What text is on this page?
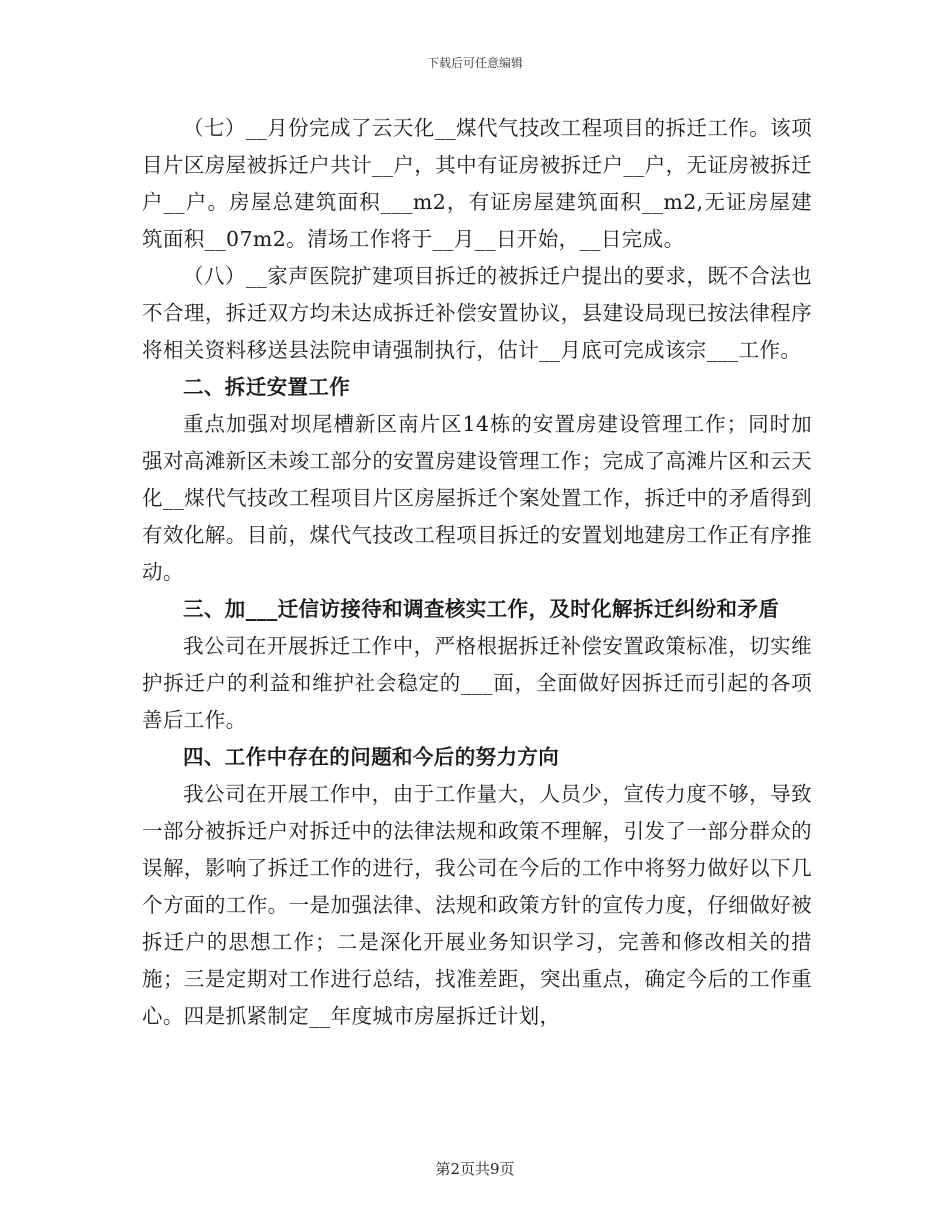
下载后可任意编辑

（七）__月份完成了云天化__煤代气技改工程项目的拆迁工作。该项目片区房屋被拆迁户共计__户，其中有证房被拆迁户__户，无证房被拆迁户__户。房屋总建筑面积___m2，有证房屋建筑面积__m2,无证房屋建筑面积__07m2。清场工作将于__月__日开始，__日完成。

（八）__家声医院扩建项目拆迁的被拆迁户提出的要求，既不合法也不合理，拆迁双方均未达成拆迁补偿安置协议，县建设局现已按法律程序将相关资料移送县法院申请强制执行，估计__月底可完成该宗___工作。

二、拆迁安置工作

重点加强对坝尾槽新区南片区14栋的安置房建设管理工作；同时加强对高滩新区未竣工部分的安置房建设管理工作；完成了高滩片区和云天化__煤代气技改工程项目片区房屋拆迁个案处置工作，拆迁中的矛盾得到有效化解。目前，煤代气技改工程项目拆迁的安置划地建房工作正有序推动。

三、加___迁信访接待和调查核实工作，及时化解拆迁纠纷和矛盾

我公司在开展拆迁工作中，严格根据拆迁补偿安置政策标准，切实维护拆迁户的利益和维护社会稳定的___面，全面做好因拆迁而引起的各项善后工作。

四、工作中存在的问题和今后的努力方向

我公司在开展工作中，由于工作量大，人员少，宣传力度不够，导致一部分被拆迁户对拆迁中的法律法规和政策不理解，引发了一部分群众的误解，影响了拆迁工作的进行，我公司在今后的工作中将努力做好以下几个方面的工作。一是加强法律、法规和政策方针的宣传力度，仔细做好被拆迁户的思想工作；二是深化开展业务知识学习，完善和修改相关的措施；三是定期对工作进行总结，找准差距，突出重点，确定今后的工作重心。四是抓紧制定__年度城市房屋拆迁计划，

第2页共9页
